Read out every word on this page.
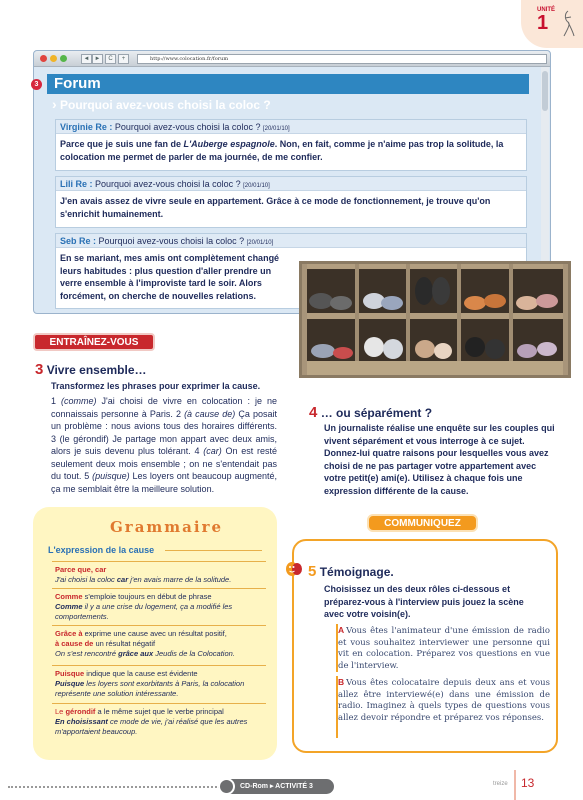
UNITÉ
1
◄ ►	C	+	http://www.colocation.fr/forum
3 Forum
› Pourquoi avez-vous choisi la coloc ?
Virginie Re : Pourquoi avez-vous choisi la coloc ? [20/01/10]
Parce que je suis une fan de L'Auberge espagnole. Non, en fait, comme je n'aime pas trop la solitude, la colocation me permet de parler de ma journée, de me confier.
Lili Re : Pourquoi avez-vous choisi la coloc ? [20/01/10]
J'en avais assez de vivre seule en appartement. Grâce à ce mode de fonctionnement, je trouve qu'on s'enrichit humainement.
Seb Re : Pourquoi avez-vous choisi la coloc ? [20/01/10]
En se mariant, mes amis ont complètement changé leurs habitudes : plus question d'aller prendre un verre ensemble à l'improviste tard le soir. Alors forcément, on cherche de nouvelles relations.
ENTRAÎNEZ-VOUS
3 Vivre ensemble…
Transformez les phrases pour exprimer la cause.
1 (comme) J'ai choisi de vivre en colocation : je ne connaissais personne à Paris. 2 (à cause de) Ça posait un problème : nous avions tous des horaires différents. 3 (le gérondif) Je partage mon appart avec deux amis, alors je suis devenu plus tolérant. 4 (car) On est resté seulement deux mois ensemble ; on ne s'entendait pas du tout. 5 (puisque) Les loyers ont beaucoup augmenté, ça me semblait être la meilleure solution.
4 … ou séparément ?
Un journaliste réalise une enquête sur les couples qui vivent séparément et vous interroge à ce sujet. Donnez-lui quatre raisons pour lesquelles vous avez choisi de ne pas partager votre appartement avec votre petit(e) ami(e). Utilisez à chaque fois une expression différente de la cause.
Grammaire
L'expression de la cause
Parce que, car
J'ai choisi la coloc car j'en avais marre de la solitude.
Comme s'emploie toujours en début de phrase
Comme il y a une crise du logement, ça a modifié les comportements.
Grâce à exprime une cause avec un résultat positif,
à cause de un résultat négatif
On s'est rencontré grâce aux Jeudis de la Colocation.
Puisque indique que la cause est évidente
Puisque les loyers sont exorbitants à Paris, la colocation représente une solution intéressante.
Le gérondif a le même sujet que le verbe principal
En choisissant ce mode de vie, j'ai réalisé que les autres m'apportaient beaucoup.
COMMUNIQUEZ
5 Témoignage.
Choisissez un des deux rôles ci-dessous et préparez-vous à l'interview puis jouez la scène avec votre voisin(e).
A Vous êtes l'animateur d'une émission de radio et vous souhaitez interviewer une personne qui vit en colocation. Préparez vos questions en vue de l'interview.
B Vous êtes colocataire depuis deux ans et vous allez être interviewé(e) dans une émission de radio. Imaginez à quels types de questions vous allez devoir répondre et préparez vos réponses.
CD-Rom ▸ ACTIVITÉ 3	treize 13
